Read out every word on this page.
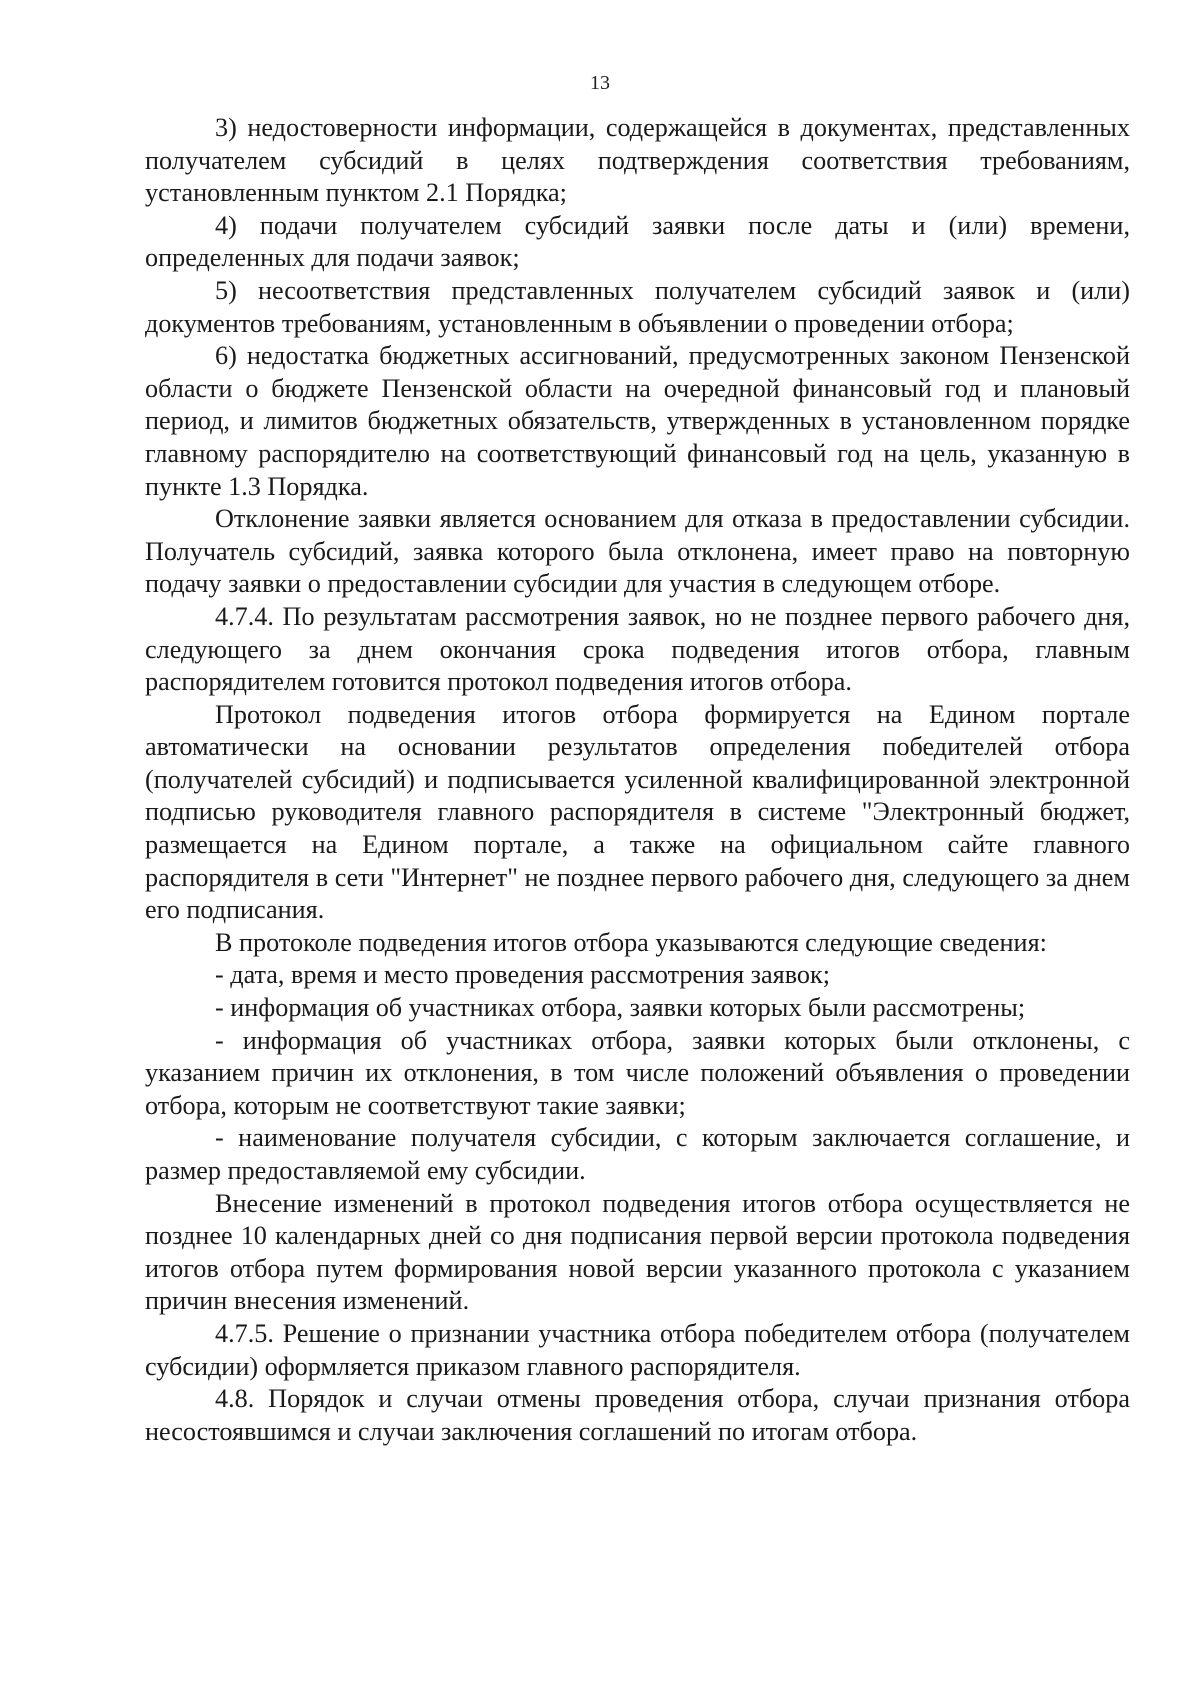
13

3) недостоверности информации, содержащейся в документах, представленных получателем субсидий в целях подтверждения соответствия требованиям, установленным пунктом 2.1 Порядка;

4) подачи получателем субсидий заявки после даты и (или) времени, определенных для подачи заявок;

5) несоответствия представленных получателем субсидий заявок и (или) документов требованиям, установленным в объявлении о проведении отбора;

6) недостатка бюджетных ассигнований, предусмотренных законом Пензенской области о бюджете Пензенской области на очередной финансовый год и плановый период, и лимитов бюджетных обязательств, утвержденных в установленном порядке главному распорядителю на соответствующий финансовый год на цель, указанную в пункте 1.3 Порядка.

Отклонение заявки является основанием для отказа в предоставлении субсидии. Получатель субсидий, заявка которого была отклонена, имеет право на повторную подачу заявки о предоставлении субсидии для участия в следующем отборе.

4.7.4. По результатам рассмотрения заявок, но не позднее первого рабочего дня, следующего за днем окончания срока подведения итогов отбора, главным распорядителем готовится протокол подведения итогов отбора.

Протокол подведения итогов отбора формируется на Едином портале автоматически на основании результатов определения победителей отбора (получателей субсидий) и подписывается усиленной квалифицированной электронной подписью руководителя главного распорядителя в системе "Электронный бюджет, размещается на Едином портале, а также на официальном сайте главного распорядителя в сети "Интернет" не позднее первого рабочего дня, следующего за днем его подписания.

В протоколе подведения итогов отбора указываются следующие сведения:

- дата, время и место проведения рассмотрения заявок;

- информация об участниках отбора, заявки которых были рассмотрены;

- информация об участниках отбора, заявки которых были отклонены, с указанием причин их отклонения, в том числе положений объявления о проведении отбора, которым не соответствуют такие заявки;

- наименование получателя субсидии, с которым заключается соглашение, и размер предоставляемой ему субсидии.

Внесение изменений в протокол подведения итогов отбора осуществляется не позднее 10 календарных дней со дня подписания первой версии протокола подведения итогов отбора путем формирования новой версии указанного протокола с указанием причин внесения изменений.

4.7.5. Решение о признании участника отбора победителем отбора (получателем субсидии) оформляется приказом главного распорядителя.

4.8. Порядок и случаи отмены проведения отбора, случаи признания отбора несостоявшимся и случаи заключения соглашений по итогам отбора.
